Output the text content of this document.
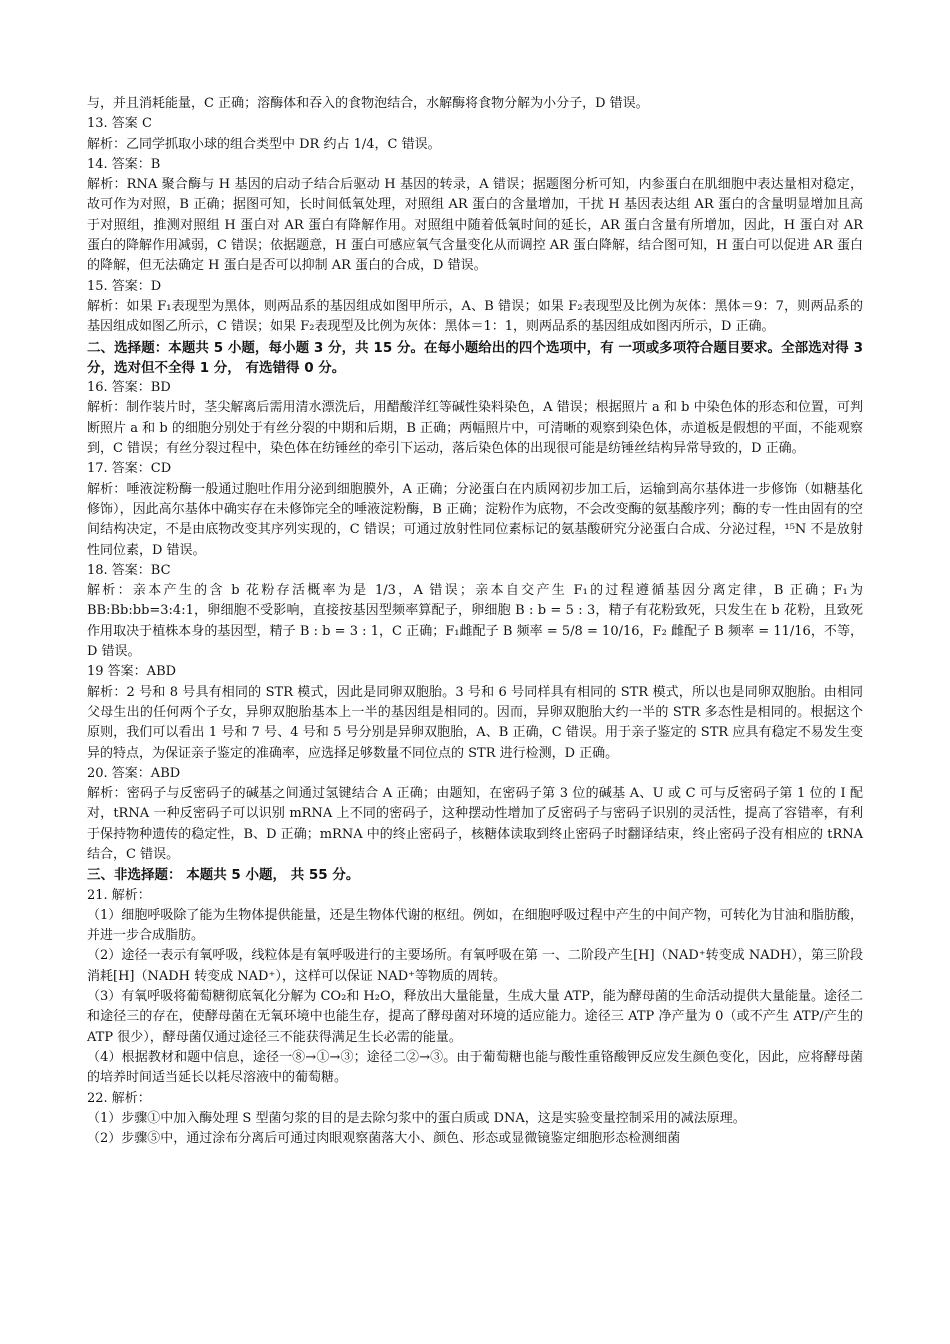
与，并且消耗能量，C 正确；溶酶体和吞入的食物泡结合，水解酶将食物分解为小分子，D 错误。

13. 答案 C

解析：乙同学抓取小球的组合类型中 DR 约占 1/4，C 错误。

14. 答案：B

解析：RNA 聚合酶与 H 基因的启动子结合后驱动 H 基因的转录，A 错误；据题图分析可知，内参蛋白在肌细胞中表达量相对稳定，故可作为对照，B 正确；据图可知，长时间低氧处理，对照组 AR 蛋白的含量增加，干扰 H 基因表达组 AR 蛋白的含量明显增加且高于对照组，推测对照组 H 蛋白对 AR 蛋白有降解作用。对照组中随着低氧时间的延长，AR 蛋白含量有所增加，因此，H 蛋白对 AR 蛋白的降解作用减弱，C 错误；依据题意，H 蛋白可感应氧气含量变化从而调控 AR 蛋白降解，结合图可知，H 蛋白可以促进 AR 蛋白的降解，但无法确定 H 蛋白是否可以抑制 AR 蛋白的合成，D 错误。

15. 答案：D

解析：如果 F₁表现型为黑体，则两品系的基因组成如图甲所示，A、B 错误；如果 F₂表现型及比例为灰体：黑体＝9：7，则两品系的基因组成如图乙所示，C 错误；如果 F₂表现型及比例为灰体：黑体＝1：1，则两品系的基因组成如图丙所示，D 正确。

二、选择题：本题共 5 小题，每小题 3 分，共 15 分。在每小题给出的四个选项中，有 一项或多项符合题目要求。全部选对得 3 分，选对但不全得 1 分， 有选错得 0 分。

16. 答案：BD

解析：制作装片时，茎尖解离后需用清水漂洗后，用醋酸洋红等碱性染料染色，A 错误；根据照片 a 和 b 中染色体的形态和位置，可判断照片 a 和 b 的细胞分别处于有丝分裂的中期和后期，B 正确；两幅照片中，可清晰的观察到染色体，赤道板是假想的平面，不能观察到，C 错误；有丝分裂过程中，染色体在纺锤丝的牵引下运动，落后染色体的出现很可能是纺锤丝结构异常导致的，D 正确。

17. 答案：CD

解析：唾液淀粉酶一般通过胞吐作用分泌到细胞膜外，A 正确；分泌蛋白在内质网初步加工后，运输到高尔基体进一步修饰（如糖基化修饰），因此高尔基体中确实存在未修饰完全的唾液淀粉酶，B 正确；淀粉作为底物，不会改变酶的氨基酸序列；酶的专一性由固有的空间结构决定，不是由底物改变其序列实现的，C 错误；可通过放射性同位素标记的氨基酸研究分泌蛋白合成、分泌过程，¹⁵N 不是放射性同位素，D 错误。

18. 答案：BC

解析：亲本产生的含 b 花粉存活概率为是 1/3，A 错误；亲本自交产生 F₁的过程遵循基因分离定律，B 正确；F₁为 BB:Bb:bb=3:4:1，卵细胞不受影响，直接按基因型频率算配子，卵细胞 B : b = 5 : 3，精子有花粉致死，只发生在 b 花粉，且致死作用取决于植株本身的基因型，精子 B : b = 3 : 1，C 正确；F₁雌配子 B 频率 = 5/8 = 10/16，F₂ 雌配子 B 频率 = 11/16，不等，D 错误。

19 答案：ABD

解析：2 号和 8 号具有相同的 STR 模式，因此是同卵双胞胎。3 号和 6 号同样具有相同的 STR 模式，所以也是同卵双胞胎。由相同父母生出的任何两个子女，异卵双胞胎基本上一半的基因组是相同的。因而，异卵双胞胎大约一半的 STR 多态性是相同的。根据这个原则，我们可以看出 1 号和 7 号、4 号和 5 号分别是异卵双胞胎，A、B 正确，C 错误。用于亲子鉴定的 STR 应具有稳定不易发生变异的特点，为保证亲子鉴定的准确率，应选择足够数量不同位点的 STR 进行检测，D 正确。

20. 答案：ABD

解析：密码子与反密码子的碱基之间通过氢键结合 A 正确；由题知，在密码子第 3 位的碱基 A、U 或 C 可与反密码子第 1 位的 I 配对，tRNA 一种反密码子可以识别 mRNA 上不同的密码子，这种摆动性增加了反密码子与密码子识别的灵活性，提高了容错率，有利于保持物种遗传的稳定性，B、D 正确；mRNA 中的终止密码子，核糖体读取到终止密码子时翻译结束，终止密码子没有相应的 tRNA 结合，C 错误。

三、非选择题： 本题共 5 小题， 共 55 分。

21. 解析：

（1）细胞呼吸除了能为生物体提供能量，还是生物体代谢的枢纽。例如，在细胞呼吸过程中产生的中间产物，可转化为甘油和脂肪酸，并进一步合成脂肪。

（2）途径一表示有氧呼吸，线粒体是有氧呼吸进行的主要场所。有氧呼吸在第 一、二阶段产生[H]（NAD⁺转变成 NADH），第三阶段消耗[H]（NADH 转变成 NAD⁺），这样可以保证 NAD⁺等物质的周转。

（3）有氧呼吸将葡萄糖彻底氧化分解为 CO₂和 H₂O，释放出大量能量，生成大量 ATP，能为酵母菌的生命活动提供大量能量。途径二和途径三的存在，使酵母菌在无氧环境中也能生存，提高了酵母菌对环境的适应能力。途径三 ATP 净产量为 0（或不产生 ATP/产生的 ATP 很少），酵母菌仅通过途径三不能获得满足生长必需的能量。

（4）根据教材和题中信息，途径一⑧→①→③；途径二②→③。由于葡萄糖也能与酸性重铬酸钾反应发生颜色变化，因此，应将酵母菌的培养时间适当延长以耗尽溶液中的葡萄糖。

22. 解析：

（1）步骤①中加入酶处理 S 型菌匀浆的目的是去除匀浆中的蛋白质或 DNA，这是实验变量控制采用的减法原理。

（2）步骤⑤中，通过涂布分离后可通过肉眼观察菌落大小、颜色、形态或显微镜鉴定细胞形态检测细菌
